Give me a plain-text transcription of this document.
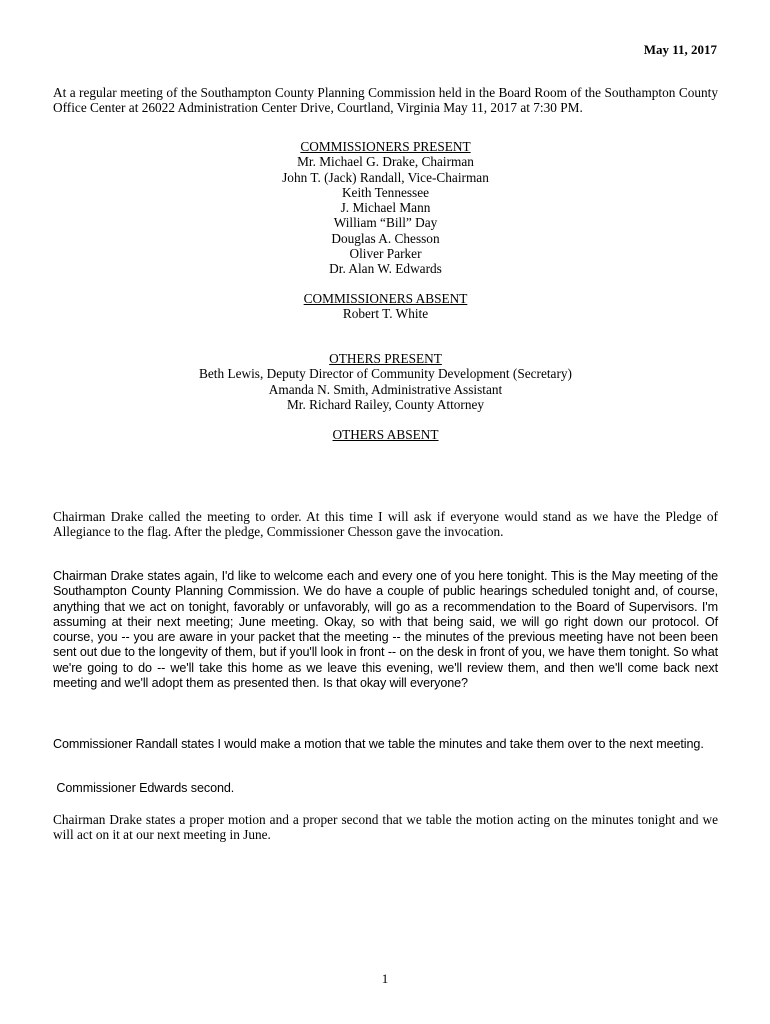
May 11, 2017
At a regular meeting of the Southampton County Planning Commission held in the Board Room of the Southampton County Office Center at 26022 Administration Center Drive, Courtland, Virginia May 11, 2017 at 7:30 PM.
COMMISSIONERS PRESENT
Mr. Michael G. Drake, Chairman
John T. (Jack) Randall, Vice-Chairman
Keith Tennessee
J. Michael Mann
William “Bill” Day
Douglas A. Chesson
Oliver Parker
Dr. Alan W. Edwards
COMMISSIONERS ABSENT
Robert T. White
OTHERS PRESENT
Beth Lewis, Deputy Director of Community Development (Secretary)
Amanda N. Smith, Administrative Assistant
Mr. Richard Railey, County Attorney
OTHERS ABSENT
Chairman Drake called the meeting to order. At this time I will ask if everyone would stand as we have the Pledge of Allegiance to the flag. After the pledge, Commissioner Chesson gave the invocation.
Chairman Drake states again, I'd like to welcome each and every one of you here tonight. This is the May meeting of the Southampton County Planning Commission. We do have a couple of public hearings scheduled tonight and, of course, anything that we act on tonight, favorably or unfavorably, will go as a recommendation to the Board of Supervisors. I'm assuming at their next meeting; June meeting. Okay, so with that being said, we will go right down our protocol. Of course, you -- you are aware in your packet that the meeting -- the minutes of the previous meeting have not been been sent out due to the longevity of them, but if you'll look in front -- on the desk in front of you, we have them tonight. So what we're going to do -- we'll take this home as we leave this evening, we'll review them, and then we'll come back next meeting and we'll adopt them as presented then. Is that okay will everyone?
Commissioner Randall states I would make a motion that we table the minutes and take them over to the next meeting.
Commissioner Edwards second.
Chairman Drake states a proper motion and a proper second that we table the motion acting on the minutes tonight and we will act on it at our next meeting in June.
1
